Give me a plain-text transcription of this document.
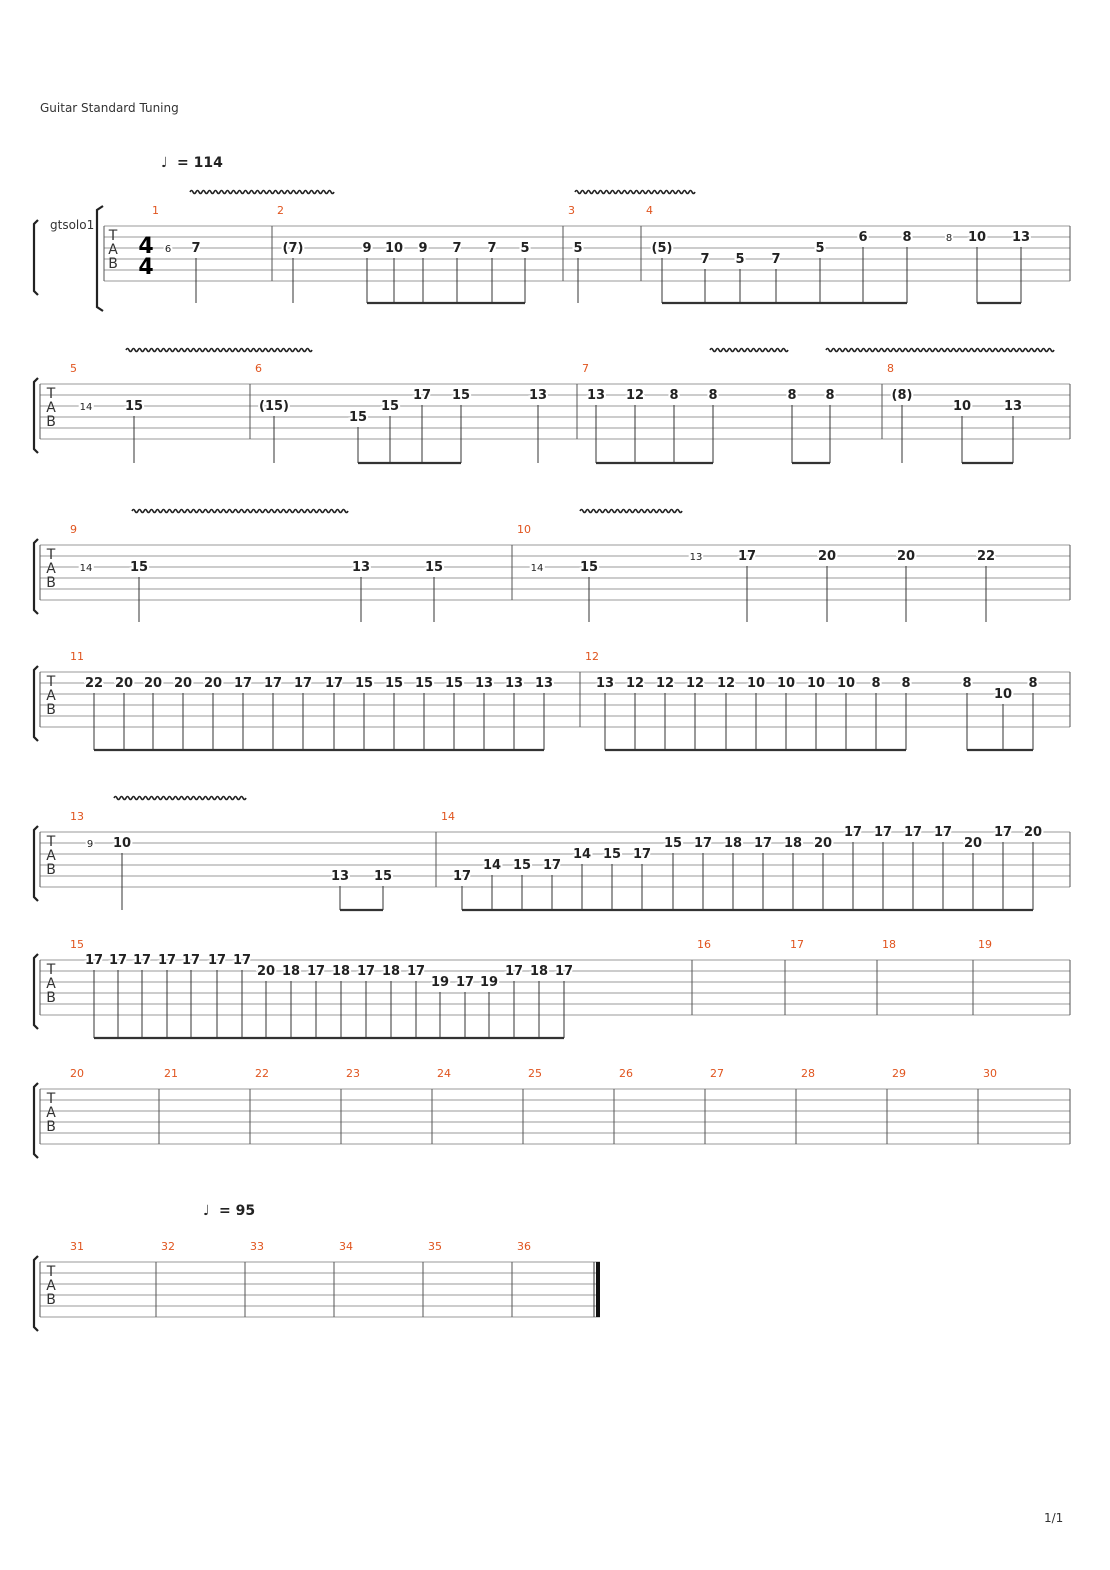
T
A
B
4
4
1	2	3	4
6 7	(7)	9 10 9 7 7 5	5	(5)
7 5 7
5
6	8	8 10 13
T
A
B
5	6	7	8
14	15	(15)
15
15
17 15	13	13 12 8 8	8 8	(8)
10	13
T
A
B
9	10
14	15	13	15	14	15
13	17	20	20	22
T
A
B
11	12
22 20 20 20 20 17 17 17 17 15 15 15 15 13 13 13	13 12 12 12 12 10 10 10 10 8 8	8
10
8
T
A
B
13	14
9 10
13 15	17
14 15 17
14 15 17
15 17 18 17 18 20
17 17 17 17
20
17 20
T
A
B
15	16	17	18	19
17 17 17 17 17 17 17
20 18 17 18 17 18 17
19 17 19
17 18 17
T
A
B
20	21	22	23	24	25	26	27	28	29	30
T
A
B
31	32	33	34	35	36
Guitar Standard Tuning
gtsolo1
♩ = 114
♩ = 95
1/1
